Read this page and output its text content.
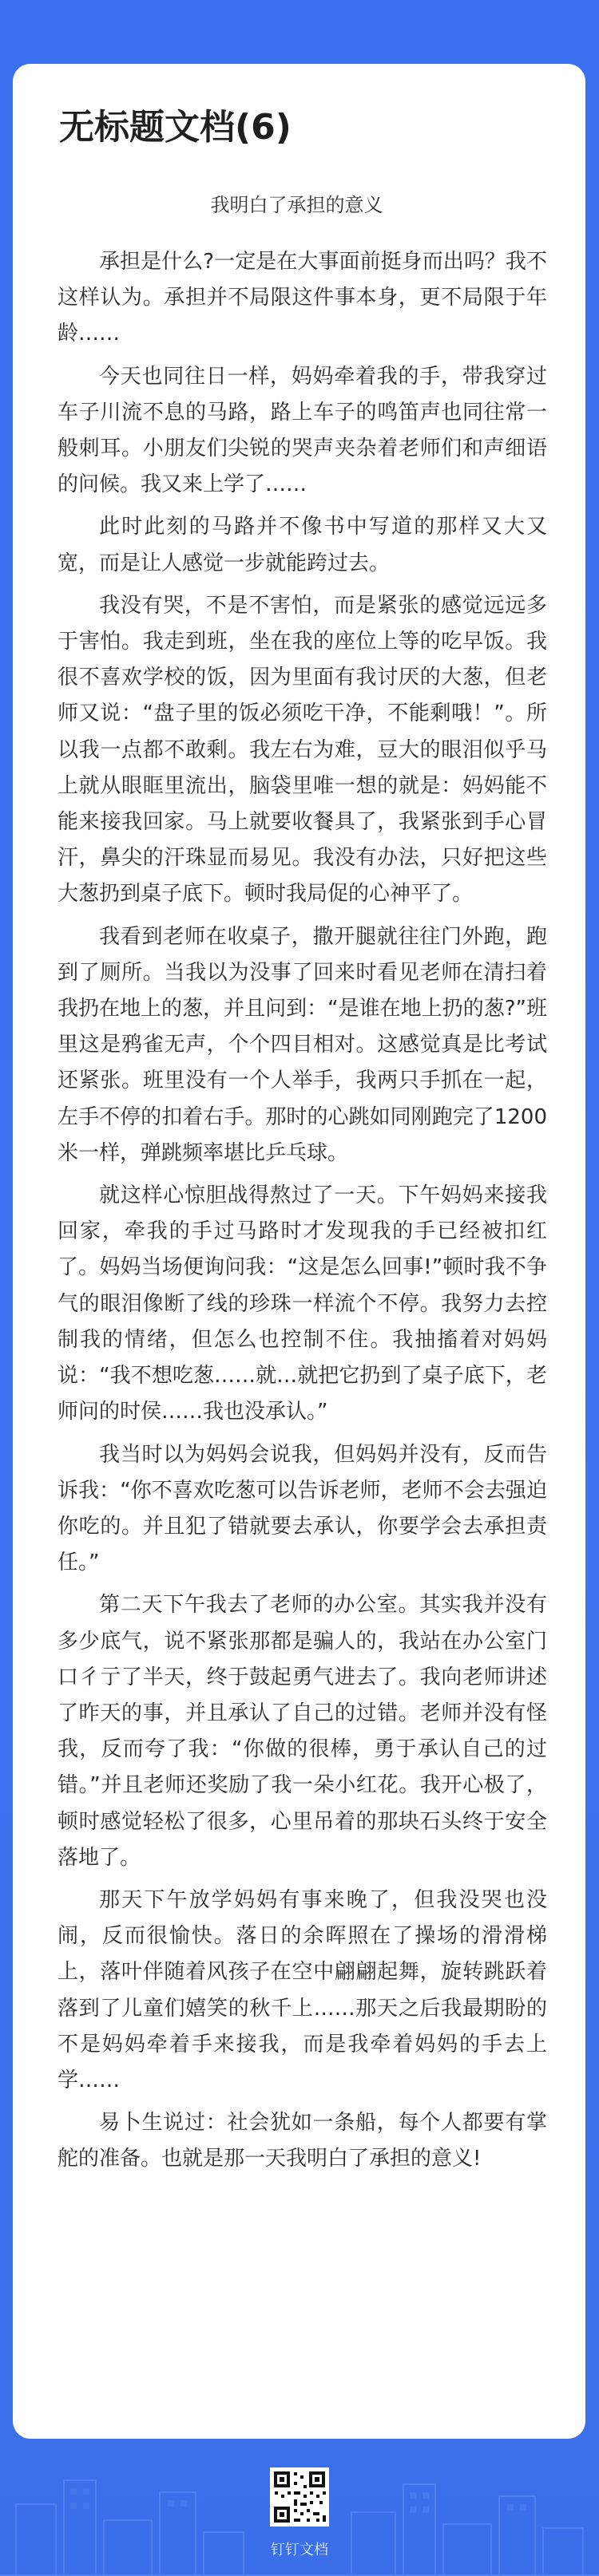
无标题文档(6)
我明白了承担的意义

承担是什么?一定是在大事面前挺身而出吗？我不这样认为。承担并不局限这件事本身，更不局限于年龄……

今天也同往日一样，妈妈牵着我的手，带我穿过车子川流不息的马路，路上车子的鸣笛声也同往常一般刺耳。小朋友们尖锐的哭声夹杂着老师们和声细语的问候。我又来上学了……

此时此刻的马路并不像书中写道的那样又大又宽，而是让人感觉一步就能跨过去。

我没有哭，不是不害怕，而是紧张的感觉远远多于害怕。我走到班，坐在我的座位上等的吃早饭。我很不喜欢学校的饭，因为里面有我讨厌的大葱，但老师又说：“盘子里的饭必须吃干净，不能剩哦！”。所以我一点都不敢剩。我左右为难，豆大的眼泪似乎马上就从眼眶里流出，脑袋里唯一想的就是：妈妈能不能来接我回家。马上就要收餐具了，我紧张到手心冒汗，鼻尖的汗珠显而易见。我没有办法，只好把这些大葱扔到桌子底下。顿时我局促的心神平了。

我看到老师在收桌子，撒开腿就往往门外跑，跑到了厕所。当我以为没事了回来时看见老师在清扫着我扔在地上的葱，并且问到：“是谁在地上扔的葱?”班里这是鸦雀无声，个个四目相对。这感觉真是比考试还紧张。班里没有一个人举手，我两只手抓在一起，左手不停的扣着右手。那时的心跳如同刚跑完了1200米一样，弹跳频率堪比乒乓球。

就这样心惊胆战得熬过了一天。下午妈妈来接我回家，牵我的手过马路时才发现我的手已经被扣红了。妈妈当场便询问我：“这是怎么回事!”顿时我不争气的眼泪像断了线的珍珠一样流个不停。我努力去控制我的情绪，但怎么也控制不住。我抽搐着对妈妈说：“我不想吃葱……就…就把它扔到了桌子底下，老师问的时侯……我也没承认。”

我当时以为妈妈会说我，但妈妈并没有，反而告诉我：“你不喜欢吃葱可以告诉老师，老师不会去强迫你吃的。并且犯了错就要去承认，你要学会去承担责任。”

第二天下午我去了老师的办公室。其实我并没有多少底气，说不紧张那都是骗人的，我站在办公室门口彳亍了半天，终于鼓起勇气进去了。我向老师讲述了昨天的事，并且承认了自己的过错。老师并没有怪我，反而夸了我：“你做的很棒，勇于承认自己的过错。”并且老师还奖励了我一朵小红花。我开心极了，顿时感觉轻松了很多，心里吊着的那块石头终于安全落地了。

那天下午放学妈妈有事来晚了，但我没哭也没闹，反而很愉快。落日的余晖照在了操场的滑滑梯上，落叶伴随着风孩子在空中翩翩起舞，旋转跳跃着落到了儿童们嬉笑的秋千上……那天之后我最期盼的不是妈妈牵着手来接我，而是我牵着妈妈的手去上学……

易卜生说过：社会犹如一条船，每个人都要有掌舵的准备。也就是那一天我明白了承担的意义!

钉钉文档
